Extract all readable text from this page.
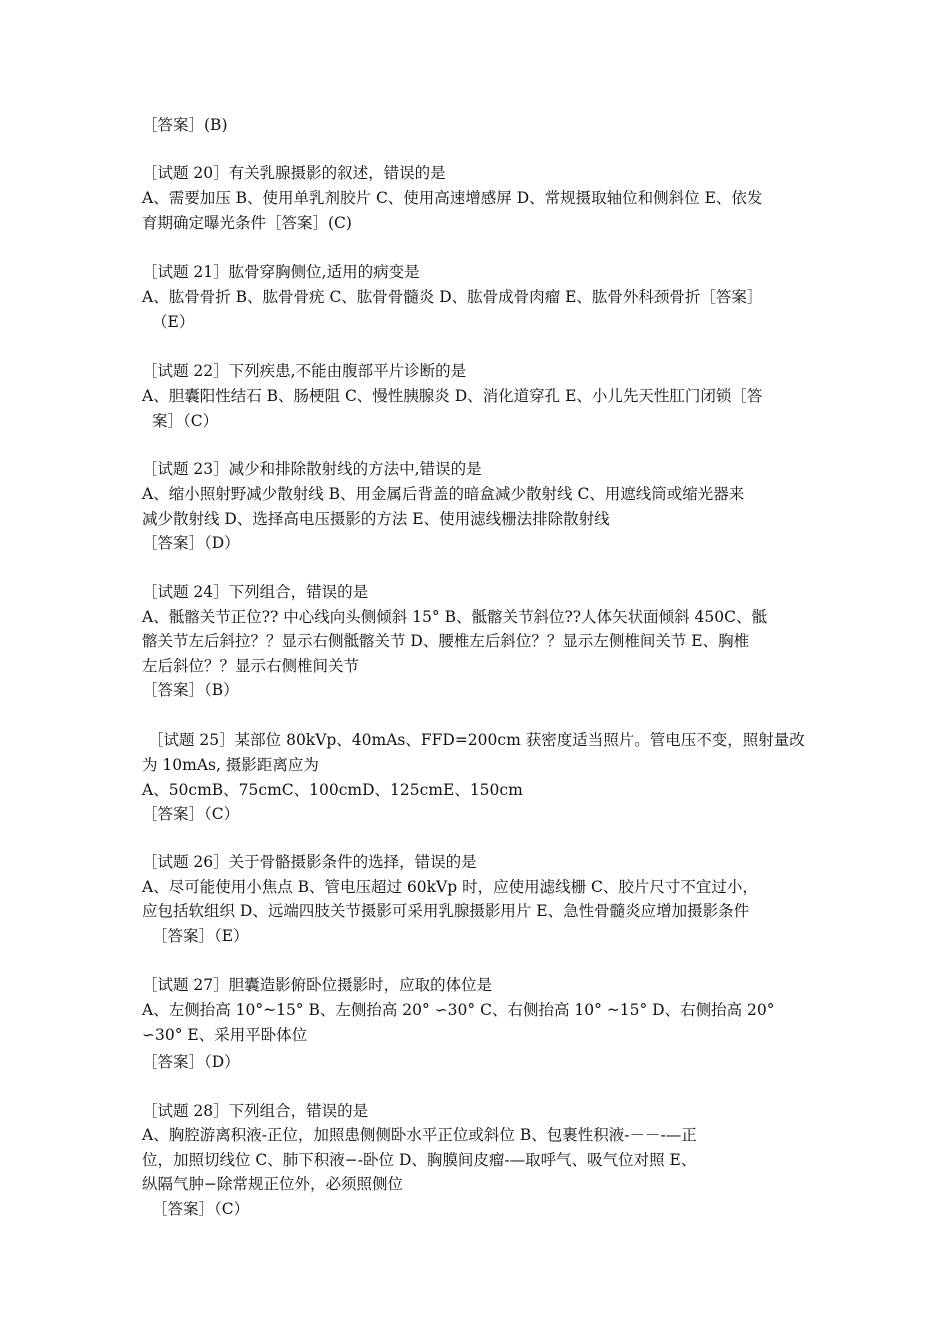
［答案］(B)
［试题 20］有关乳腺摄影的叙述，错误的是
A、需要加压 B、使用单乳剂胶片 C、使用高速增感屏 D、常规摄取轴位和侧斜位 E、依发
育期确定曝光条件［答案］(C)
［试题 21］肱骨穿胸侧位,适用的病变是
A、肱骨骨折 B、肱骨骨疣 C、肱骨骨髓炎 D、肱骨成骨肉瘤 E、肱骨外科颈骨折［答案］
（E）
［试题 22］下列疾患,不能由腹部平片诊断的是
A、胆囊阳性结石 B、肠梗阻 C、慢性胰腺炎 D、消化道穿孔 E、小儿先天性肛门闭锁［答
案］（C）
［试题 23］减少和排除散射线的方法中,错误的是
A、缩小照射野减少散射线 B、用金属后背盖的暗盒减少散射线 C、用遮线筒或缩光器来
减少散射线 D、选择高电压摄影的方法 E、使用滤线栅法排除散射线
［答案］（D）
［试题 24］下列组合，错误的是
A、骶髂关节正位?? 中心线向头侧倾斜 15° B、骶髂关节斜位??人体矢状面倾斜 450C、骶
髂关节左后斜拉？？显示右侧骶髂关节 D、腰椎左后斜位？？显示左侧椎间关节 E、胸椎
左后斜位？？显示右侧椎间关节
［答案］（B）
［试题 25］某部位 80kVp、40mAs、FFD=200cm 获密度适当照片。管电压不变，照射量改
为 10mAs, 摄影距离应为
A、50cmB、75cmC、100cmD、125cmE、150cm
［答案］（C）
［试题 26］关于骨骼摄影条件的选择，错误的是
A、尽可能使用小焦点 B、管电压超过 60kVp 时，应使用滤线栅 C、胶片尺寸不宜过小，
应包括软组织 D、远端四肢关节摄影可采用乳腺摄影用片 E、急性骨髓炎应增加摄影条件
［答案］（E）
［试题 27］胆囊造影俯卧位摄影时，应取的体位是
A、左侧抬高 10°~15° B、左侧抬高 20° ∽30° C、右侧抬高 10° ~15° D、右侧抬高 20°
∽30° E、采用平卧体位
［答案］（D）
［试题 28］下列组合，错误的是
A、胸腔游离积液-正位，加照患侧侧卧水平正位或斜位 B、包裹性积液-－－-—正
位，加照切线位 C、肺下积液−-卧位 D、胸膜间皮瘤-—取呼气、吸气位对照 E、
纵隔气肿−除常规正位外，必须照侧位
［答案］（C）
